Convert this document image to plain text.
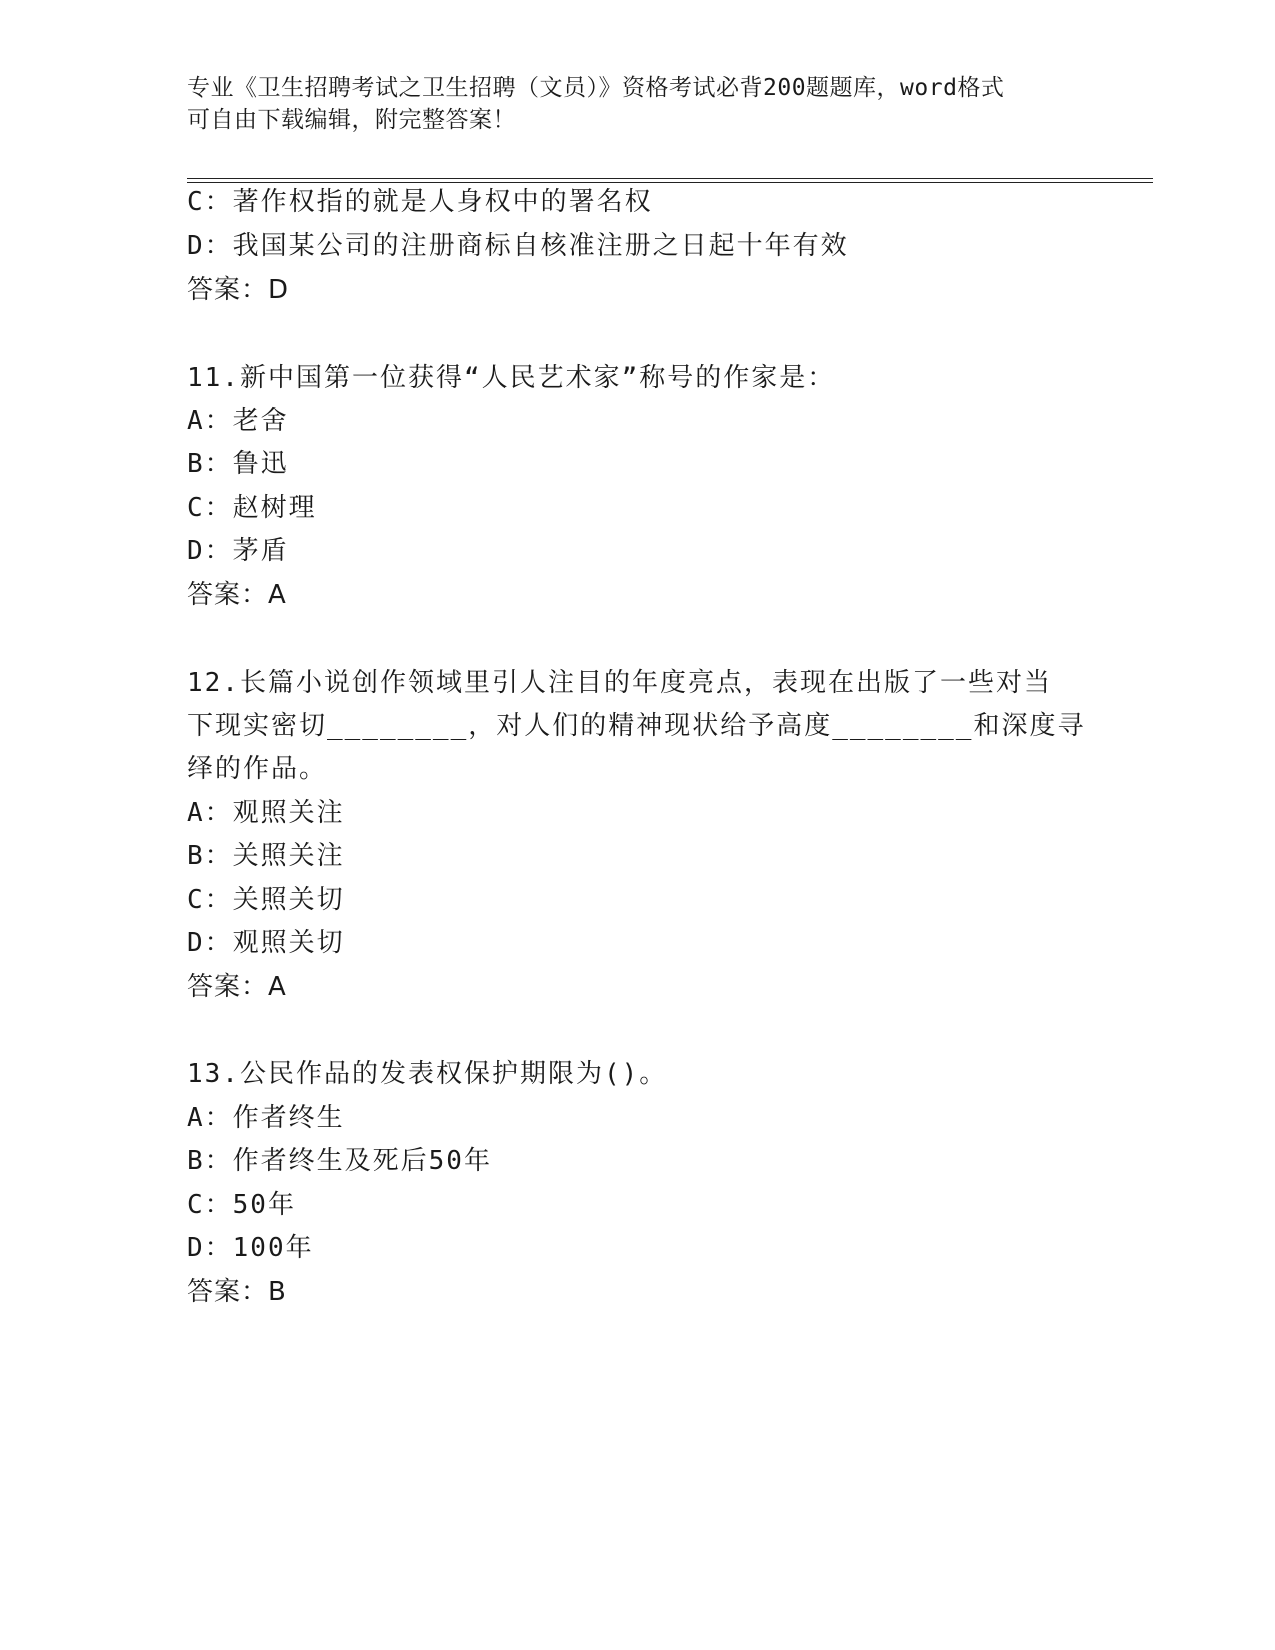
专业《卫生招聘考试之卫生招聘（文员）》资格考试必背200题题库，word格式
可自由下载编辑，附完整答案！
C：著作权指的就是人身权中的署名权
D：我国某公司的注册商标自核准注册之日起十年有效
答案：D
11.新中国第一位获得“人民艺术家”称号的作家是：
A：老舍
B：鲁迅
C：赵树理
D：茅盾
答案：A
12.长篇小说创作领域里引人注目的年度亮点，表现在出版了一些对当
下现实密切________，对人们的精神现状给予高度________和深度寻
绎的作品。
A：观照关注
B：关照关注
C：关照关切
D：观照关切
答案：A
13.公民作品的发表权保护期限为()。
A：作者终生
B：作者终生及死后50年
C：50年
D：100年
答案：B
